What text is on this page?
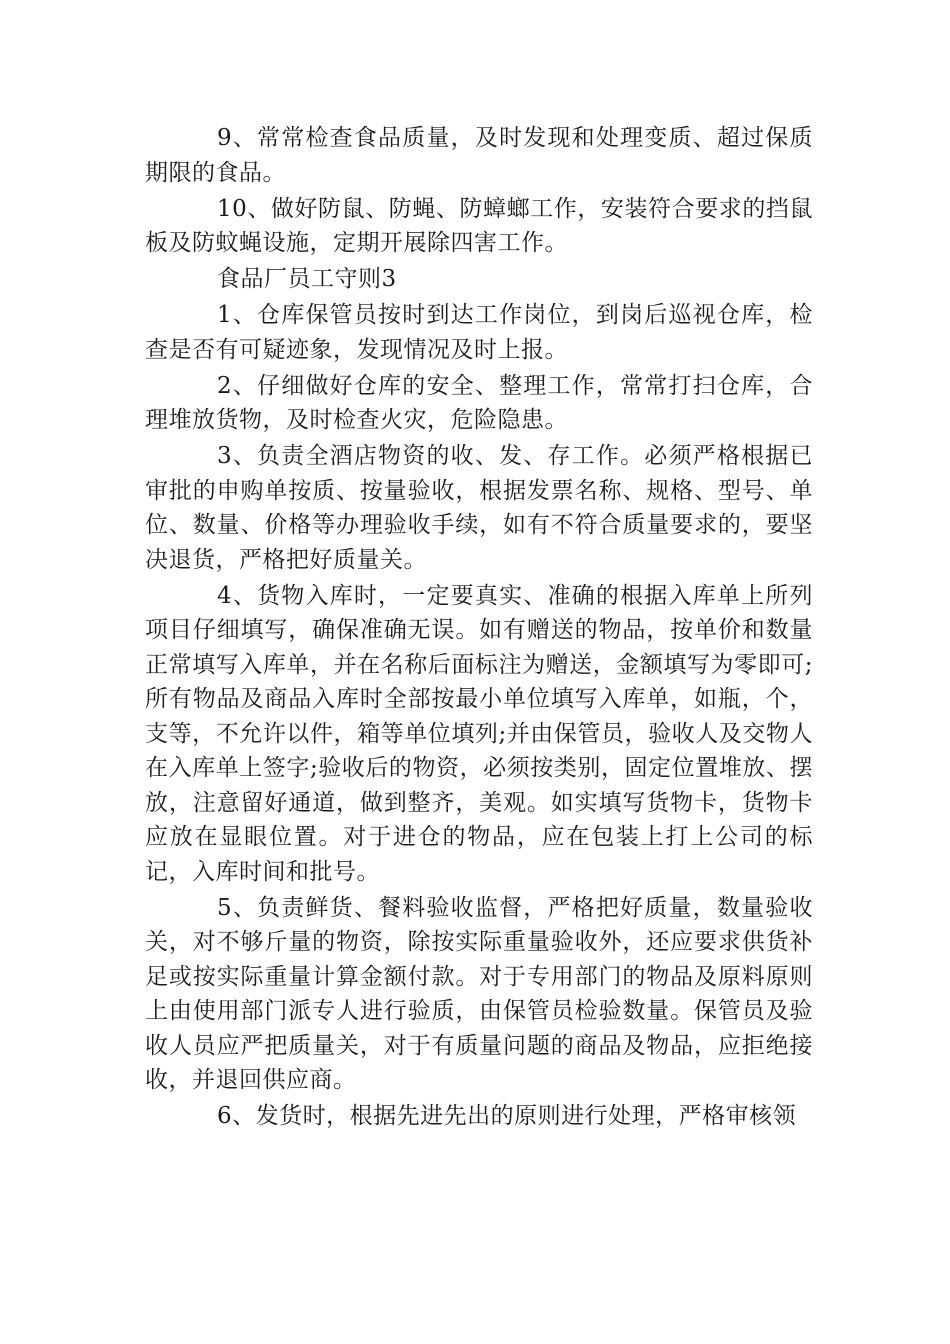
9、常常检查食品质量，及时发现和处理变质、超过保质期限的食品。

10、做好防鼠、防蝇、防蟑螂工作，安装符合要求的挡鼠板及防蚊蝇设施，定期开展除四害工作。

食品厂员工守则3

1、仓库保管员按时到达工作岗位，到岗后巡视仓库，检查是否有可疑迹象，发现情况及时上报。

2、仔细做好仓库的安全、整理工作，常常打扫仓库，合理堆放货物，及时检查火灾，危险隐患。

3、负责全酒店物资的收、发、存工作。必须严格根据已审批的申购单按质、按量验收，根据发票名称、规格、型号、单位、数量、价格等办理验收手续，如有不符合质量要求的，要坚决退货，严格把好质量关。

4、货物入库时，一定要真实、准确的根据入库单上所列项目仔细填写，确保准确无误。如有赠送的物品，按单价和数量正常填写入库单，并在名称后面标注为赠送，金额填写为零即可;所有物品及商品入库时全部按最小单位填写入库单，如瓶，个，支等，不允许以件，箱等单位填列;并由保管员，验收人及交物人在入库单上签字;验收后的物资，必须按类别，固定位置堆放、摆放，注意留好通道，做到整齐，美观。如实填写货物卡，货物卡应放在显眼位置。对于进仓的物品，应在包装上打上公司的标记，入库时间和批号。

5、负责鲜货、餐料验收监督，严格把好质量，数量验收关，对不够斤量的物资，除按实际重量验收外，还应要求供货补足或按实际重量计算金额付款。对于专用部门的物品及原料原则上由使用部门派专人进行验质，由保管员检验数量。保管员及验收人员应严把质量关，对于有质量问题的商品及物品，应拒绝接收，并退回供应商。

6、发货时，根据先进先出的原则进行处理，严格审核领
